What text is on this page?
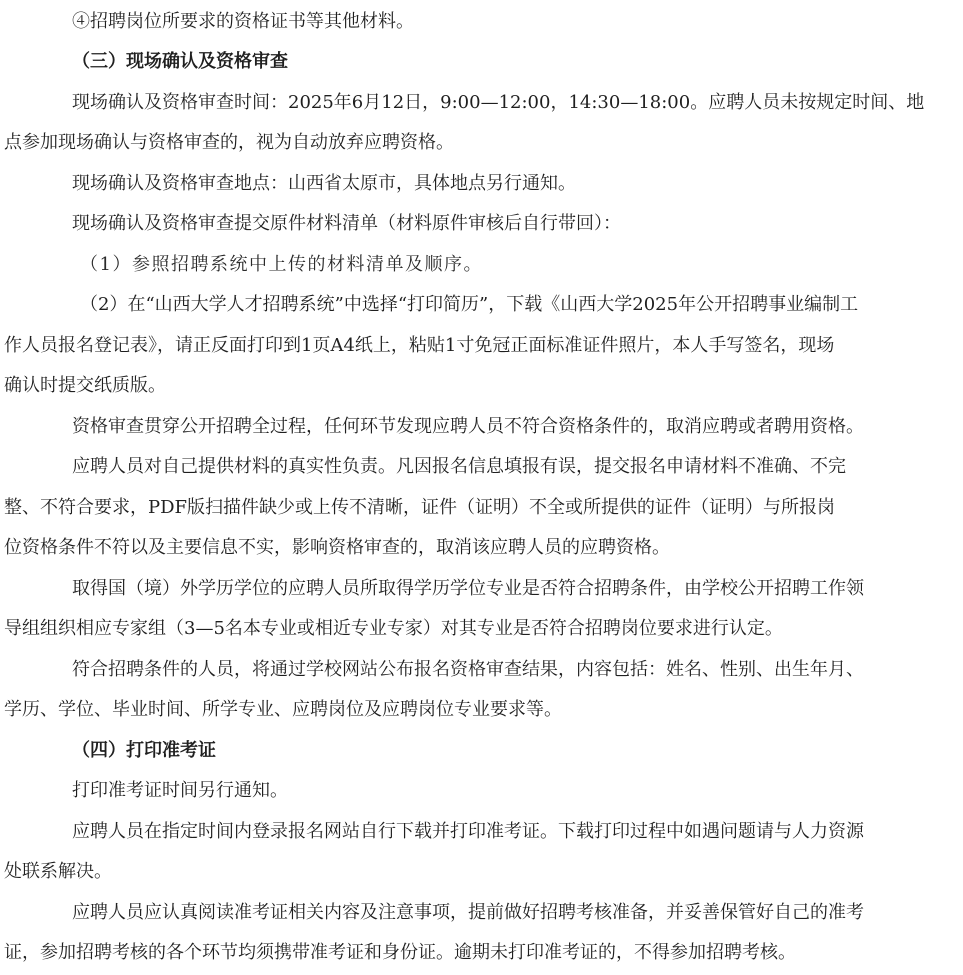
④招聘岗位所要求的资格证书等其他材料。
（三）现场确认及资格审查
现场确认及资格审查时间：2025年6月12日，9:00—12:00，14:30—18:00。应聘人员未按规定时间、地
点参加现场确认与资格审查的，视为自动放弃应聘资格。
现场确认及资格审查地点：山西省太原市，具体地点另行通知。
现场确认及资格审查提交原件材料清单（材料原件审核后自行带回）：
（1）参照招聘系统中上传的材料清单及顺序。
（2）在“山西大学人才招聘系统”中选择“打印简历”，下载《山西大学2025年公开招聘事业编制工
作人员报名登记表》，请正反面打印到1页A4纸上，粘贴1寸免冠正面标准证件照片，本人手写签名，现场
确认时提交纸质版。
资格审查贯穿公开招聘全过程，任何环节发现应聘人员不符合资格条件的，取消应聘或者聘用资格。
应聘人员对自己提供材料的真实性负责。凡因报名信息填报有误，提交报名申请材料不准确、不完
整、不符合要求，PDF版扫描件缺少或上传不清晰，证件（证明）不全或所提供的证件（证明）与所报岗
位资格条件不符以及主要信息不实，影响资格审查的，取消该应聘人员的应聘资格。
取得国（境）外学历学位的应聘人员所取得学历学位专业是否符合招聘条件，由学校公开招聘工作领
导组组织相应专家组（3—5名本专业或相近专业专家）对其专业是否符合招聘岗位要求进行认定。
符合招聘条件的人员，将通过学校网站公布报名资格审查结果，内容包括：姓名、性别、出生年月、
学历、学位、毕业时间、所学专业、应聘岗位及应聘岗位专业要求等。
（四）打印准考证
打印准考证时间另行通知。
应聘人员在指定时间内登录报名网站自行下载并打印准考证。下载打印过程中如遇问题请与人力资源
处联系解决。
应聘人员应认真阅读准考证相关内容及注意事项，提前做好招聘考核准备，并妥善保管好自己的准考
证，参加招聘考核的各个环节均须携带准考证和身份证。逾期未打印准考证的，不得参加招聘考核。
